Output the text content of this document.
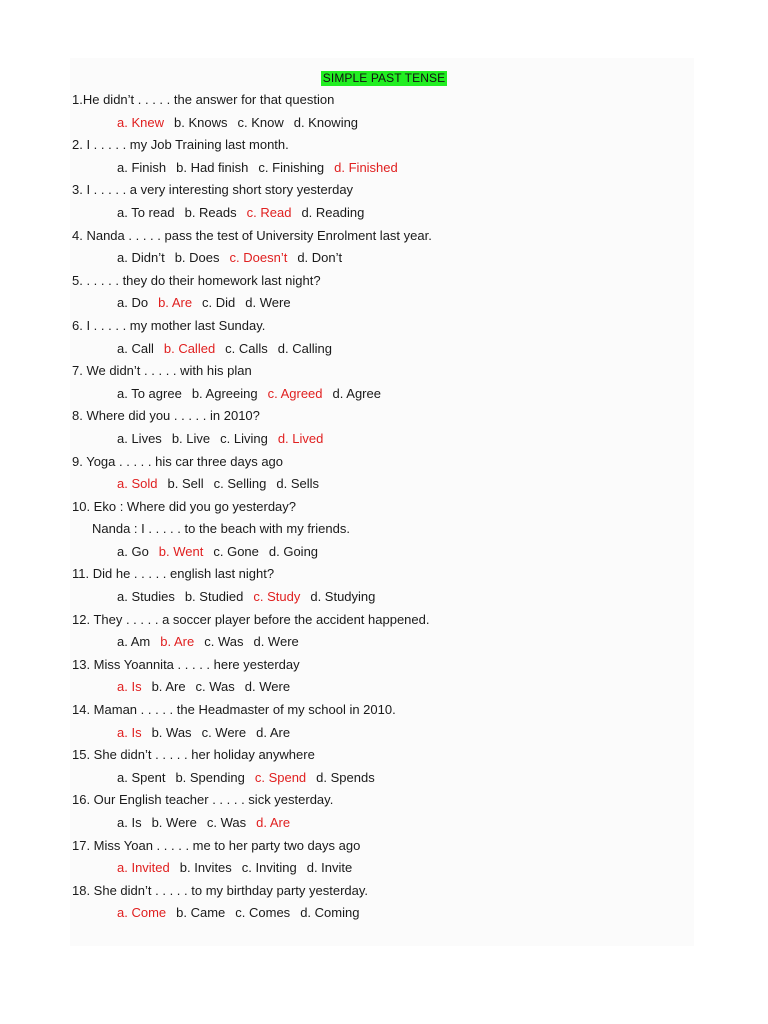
SIMPLE PAST TENSE
1.He didn’t . . . . . the answer for that question
a. Knew b. Knows c. Know d. Knowing
2. I . . . . . my Job Training last month.
a. Finish b. Had finish c. Finishing d. Finished
3. I . . . . . a very interesting short story yesterday
a. To read b. Reads c. Read d. Reading
4. Nanda . . . . . pass the test of University Enrolment last year.
a. Didn’t b. Does c. Doesn’t d. Don’t
5. . . . . . they do their homework last night?
a. Do b. Are c. Did d. Were
6. I . . . . . my mother last Sunday.
a. Call b. Called c. Calls d. Calling
7. We didn’t . . . . . with his plan
a. To agree b. Agreeing c. Agreed d. Agree
8. Where did you . . . . . in 2010?
a. Lives b. Live c. Living d. Lived
9. Yoga . . . . . his car three days ago
a. Sold b. Sell c. Selling d. Sells
10. Eko : Where did you go yesterday?
Nanda : I . . . . . to the beach with my friends.
a. Go b. Went c. Gone d. Going
11. Did he . . . . . english last night?
a. Studies b. Studied c. Study d. Studying
12. They . . . . . a soccer player before the accident happened.
a. Am b. Are c. Was d. Were
13. Miss Yoannita . . . . . here yesterday
a. Is b. Are c. Was d. Were
14. Maman . . . . . the Headmaster of my school in 2010.
a. Is b. Was c. Were d. Are
15. She didn’t . . . . . her holiday anywhere
a. Spent b. Spending c. Spend d. Spends
16. Our English teacher . . . . . sick yesterday.
a. Is b. Were c. Was d. Are
17. Miss Yoan . . . . . me to her party two days ago
a. Invited b. Invites c. Inviting d. Invite
18. She didn’t . . . . . to my birthday party yesterday.
a. Come b. Came c. Comes d. Coming
